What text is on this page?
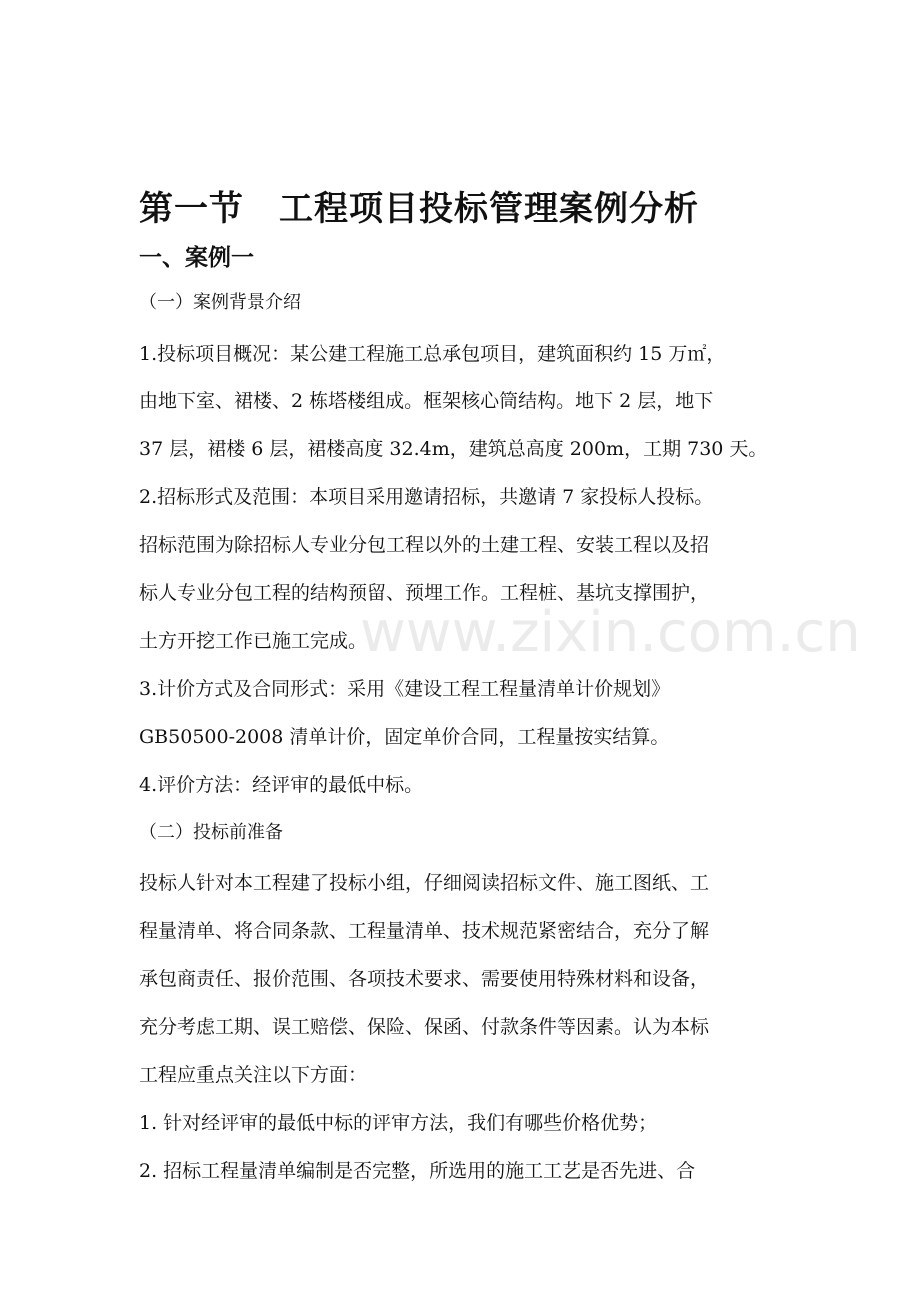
第一节　工程项目投标管理案例分析
一、案例一
（一）案例背景介绍
1.投标项目概况：某公建工程施工总承包项目，建筑面积约 15 万㎡，
由地下室、裙楼、2 栋塔楼组成。框架核心筒结构。地下 2 层，地下
37 层，裙楼 6 层，裙楼高度 32.4m，建筑总高度 200m，工期 730 天。
2.招标形式及范围：本项目采用邀请招标，共邀请 7 家投标人投标。
招标范围为除招标人专业分包工程以外的土建工程、安装工程以及招
标人专业分包工程的结构预留、预埋工作。工程桩、基坑支撑围护，
土方开挖工作已施工完成。
3.计价方式及合同形式：采用《建设工程工程量清单计价规划》
GB50500-2008 清单计价，固定单价合同，工程量按实结算。
4.评价方法：经评审的最低中标。
（二）投标前准备
投标人针对本工程建了投标小组，仔细阅读招标文件、施工图纸、工
程量清单、将合同条款、工程量清单、技术规范紧密结合，充分了解
承包商责任、报价范围、各项技术要求、需要使用特殊材料和设备，
充分考虑工期、误工赔偿、保险、保函、付款条件等因素。认为本标
工程应重点关注以下方面：
1. 针对经评审的最低中标的评审方法，我们有哪些价格优势；
2. 招标工程量清单编制是否完整，所选用的施工工艺是否先进、合
www.zixin.com.cn
